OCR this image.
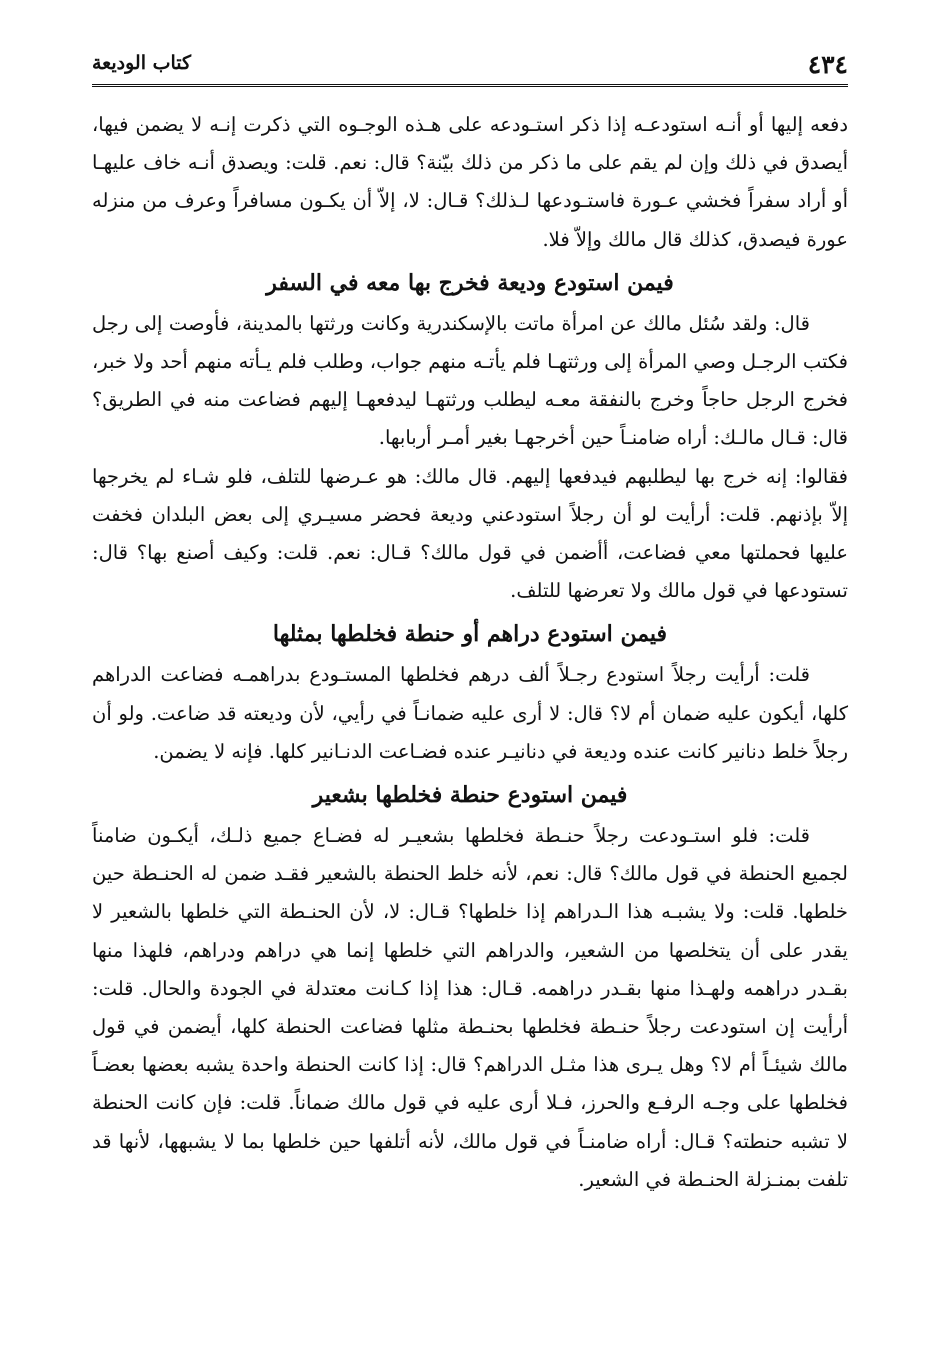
٤٣٤
كتاب الوديعة

دفعه إليها أو أنـه استودعـه إذا ذكر استـودعه على هـذه الوجـوه التي ذكرت إنـه لا يضمن فيها، أيصدق في ذلك وإن لم يقم على ما ذكر من ذلك بيّنة؟ قال: نعم. قلت: ويصدق أنـه خاف عليهـا أو أراد سفراً فخشي عـورة فاستـودعها لـذلك؟ قـال: لا، إلاّ أن يكـون مسافراً وعرف من منزله عورة فيصدق، كذلك قال مالك وإلاّ فلا.

فيمن استودع وديعة فخرج بها معه في السفر

قال: ولقد سُئل مالك عن امرأة ماتت بالإسكندرية وكانت ورثتها بالمدينة، فأوصت إلى رجل فكتب الرجـل وصي المرأة إلى ورثتهـا فلم يأتـه منهم جواب، وطلب فلم يـأته منهم أحد ولا خبر، فخرج الرجل حاجاً وخرج بالنفقة معـه ليطلب ورثتهـا ليدفعهـا إليهم فضاعت منه في الطريق؟ قال: قـال مالـك: أراه ضامنـاً حين أخرجهـا بغير أمـر أربابها.

فقالوا: إنه خرج بها ليطلبهم فيدفعها إليهم. قال مالك: هو عـرضها للتلف، فلو شـاء لم يخرجها إلاّ بإذنهم. قلت: أرأيت لو أن رجلاً استودعني وديعة فحضر مسيـري إلى بعض البلدان فخفت عليها فحملتها معي فضاعت، أأضمن في قول مالك؟ قـال: نعم. قلت: وكيف أصنع بها؟ قال: تستودعها في قول مالك ولا تعرضها للتلف.

فيمن استودع دراهم أو حنطة فخلطها بمثلها

قلت: أرأيت رجلاً استودع رجـلاً ألف درهم فخلطها المستـودع بدراهمـه فضاعت الدراهم كلها، أيكون عليه ضمان أم لا؟ قال: لا أرى عليه ضمانـاً في رأيي، لأن وديعته قد ضاعت. ولو أن رجلاً خلط دنانير كانت عنده وديعة في دنانيـر عنده فضـاعت الدنـانير كلها. فإنه لا يضمن.

فيمن استودع حنطة فخلطها بشعير

قلت: فلو استـودعت رجلاً حنـطة فخلطها بشعيـر له فضـاع جميع ذلـك، أيكـون ضامناً لجميع الحنطة في قول مالك؟ قال: نعم، لأنه خلط الحنطة بالشعير فقـد ضمن له الحنـطة حين خلطها. قلت: ولا يشبـه هذا الـدراهم إذا خلطها؟ قـال: لا، لأن الحنـطة التي خلطها بالشعير لا يقدر على أن يتخلصها من الشعير، والدراهم التي خلطها إنما هي دراهم ودراهم، فلهذا منها بقـدر دراهمه ولهـذا منها بقـدر دراهمه. قـال: هذا إذا كـانت معتدلة في الجودة والحال. قلت: أرأيت إن استودعت رجلاً حنـطة فخلطها بحنـطة مثلها فضاعت الحنطة كلها، أيضمن في قول مالك شيئـاً أم لا؟ وهل يـرى هذا مثـل الدراهم؟ قال: إذا كانت الحنطة واحدة يشبه بعضها بعضـاً فخلطها على وجـه الرفـع والحرز، فـلا أرى عليه في قول مالك ضماناً. قلت: فإن كانت الحنطة لا تشبه حنطته؟ قـال: أراه ضامنـاً في قول مالك، لأنه أتلفها حين خلطها بما لا يشبهها، لأنها قد تلفت بمنـزلة الحنـطة في الشعير.
